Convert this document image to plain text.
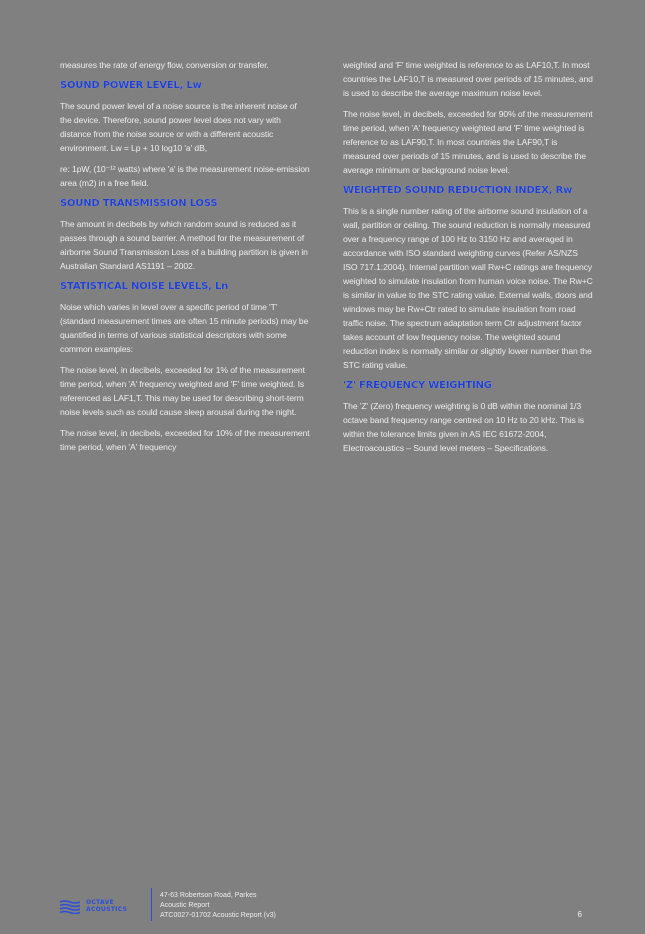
measures the rate of energy flow, conversion or transfer.

SOUND POWER LEVEL, Lw

The sound power level of a noise source is the inherent noise of the device. Therefore, sound power level does not vary with distance from the noise source or with a different acoustic environment. Lw = Lp + 10 log10 'a' dB,

re: 1pW, (10⁻¹² watts) where 'a' is the measurement noise-emission area (m2) in a free field.

SOUND TRANSMISSION LOSS

The amount in decibels by which random sound is reduced as it passes through a sound barrier. A method for the measurement of airborne Sound Transmission Loss of a building partition is given in Australian Standard AS1191 – 2002.

STATISTICAL NOISE LEVELS, Ln

Noise which varies in level over a specific period of time 'T' (standard measurement times are often 15 minute periods) may be quantified in terms of various statistical descriptors with some common examples:

The noise level, in decibels, exceeded for 1% of the measurement time period, when 'A' frequency weighted and 'F' time weighted. Is referenced as LAF1,T. This may be used for describing short-term noise levels such as could cause sleep arousal during the night.

The noise level, in decibels, exceeded for 10% of the measurement time period, when 'A' frequency

weighted and 'F' time weighted is reference to as LAF10,T. In most countries the LAF10,T is measured over periods of 15 minutes, and is used to describe the average maximum noise level.

The noise level, in decibels, exceeded for 90% of the measurement time period, when 'A' frequency weighted and 'F' time weighted is reference to as LAF90,T. In most countries the LAF90,T is measured over periods of 15 minutes, and is used to describe the average minimum or background noise level.

WEIGHTED SOUND REDUCTION INDEX, Rw

This is a single number rating of the airborne sound insulation of a wall, partition or ceiling. The sound reduction is normally measured over a frequency range of 100 Hz to 3150 Hz and averaged in accordance with ISO standard weighting curves (Refer AS/NZS ISO 717.1:2004). Internal partition wall Rw+C ratings are frequency weighted to simulate insulation from human voice noise. The Rw+C is similar in value to the STC rating value. External walls, doors and windows may be Rw+Ctr rated to simulate insulation from road traffic noise. The spectrum adaptation term Ctr adjustment factor takes account of low frequency noise. The weighted sound reduction index is normally similar or slightly lower number than the STC rating value.

'Z' FREQUENCY WEIGHTING

The 'Z' (Zero) frequency weighting is 0 dB within the nominal 1/3 octave band frequency range centred on 10 Hz to 20 kHz. This is within the tolerance limits given in AS IEC 61672-2004, Electroacoustics – Sound level meters – Specifications.

OCTAVE
ACOUSTICS
47-63 Robertson Road, Parkes
Acoustic Report
ATC0027-01702 Acoustic Report (v3)	6
